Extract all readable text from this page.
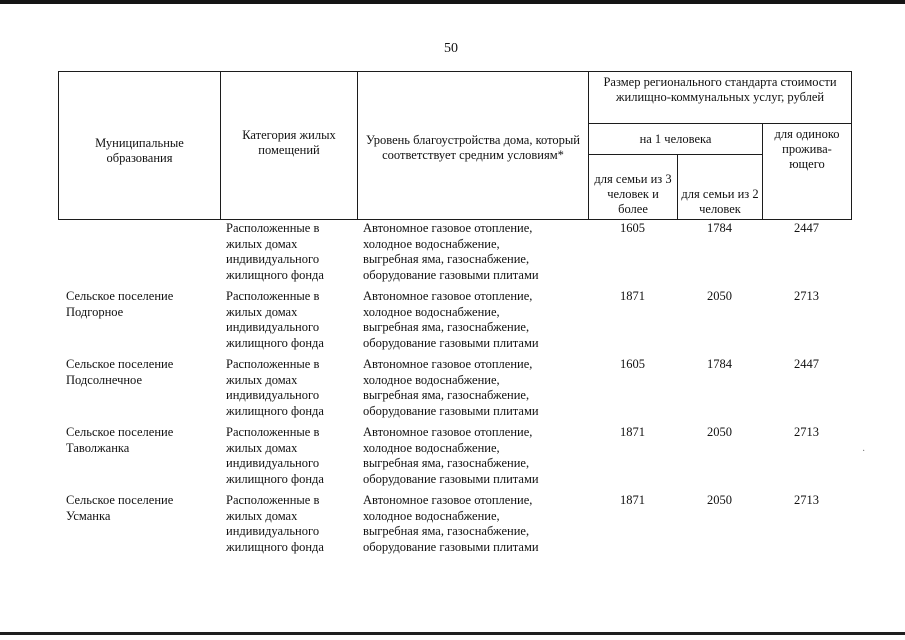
50
·
Муниципальные образования	Категория жилых помещений	Уровень благоустройства дома, который соответствует средним условиям*	Размер регионального стандарта стоимости жилищно-коммунальных услуг, рублей		
			на 1 человека		для одиноко прожива- ющего
			для семьи из 3 человек и более	для семьи из 2 человек	

	Расположенные в
жилых домах
индивидуального
жилищного фонда	Автономное газовое отопление,
холодное водоснабжение,
выгребная яма, газоснабжение,
оборудование газовыми плитами	1605	1784	2447

Сельское поселение
Подгорное	Расположенные в
жилых домах
индивидуального
жилищного фонда	Автономное газовое отопление,
холодное водоснабжение,
выгребная яма, газоснабжение,
оборудование газовыми плитами	1871	2050	2713

Сельское поселение
Подсолнечное	Расположенные в
жилых домах
индивидуального
жилищного фонда	Автономное газовое отопление,
холодное водоснабжение,
выгребная яма, газоснабжение,
оборудование газовыми плитами	1605	1784	2447

Сельское поселение
Таволжанка	Расположенные в
жилых домах
индивидуального
жилищного фонда	Автономное газовое отопление,
холодное водоснабжение,
выгребная яма, газоснабжение,
оборудование газовыми плитами	1871	2050	2713

Сельское поселение
Усманка	Расположенные в
жилых домах
индивидуального
жилищного фонда	Автономное газовое отопление,
холодное водоснабжение,
выгребная яма, газоснабжение,
оборудование газовыми плитами	1871	2050	2713
